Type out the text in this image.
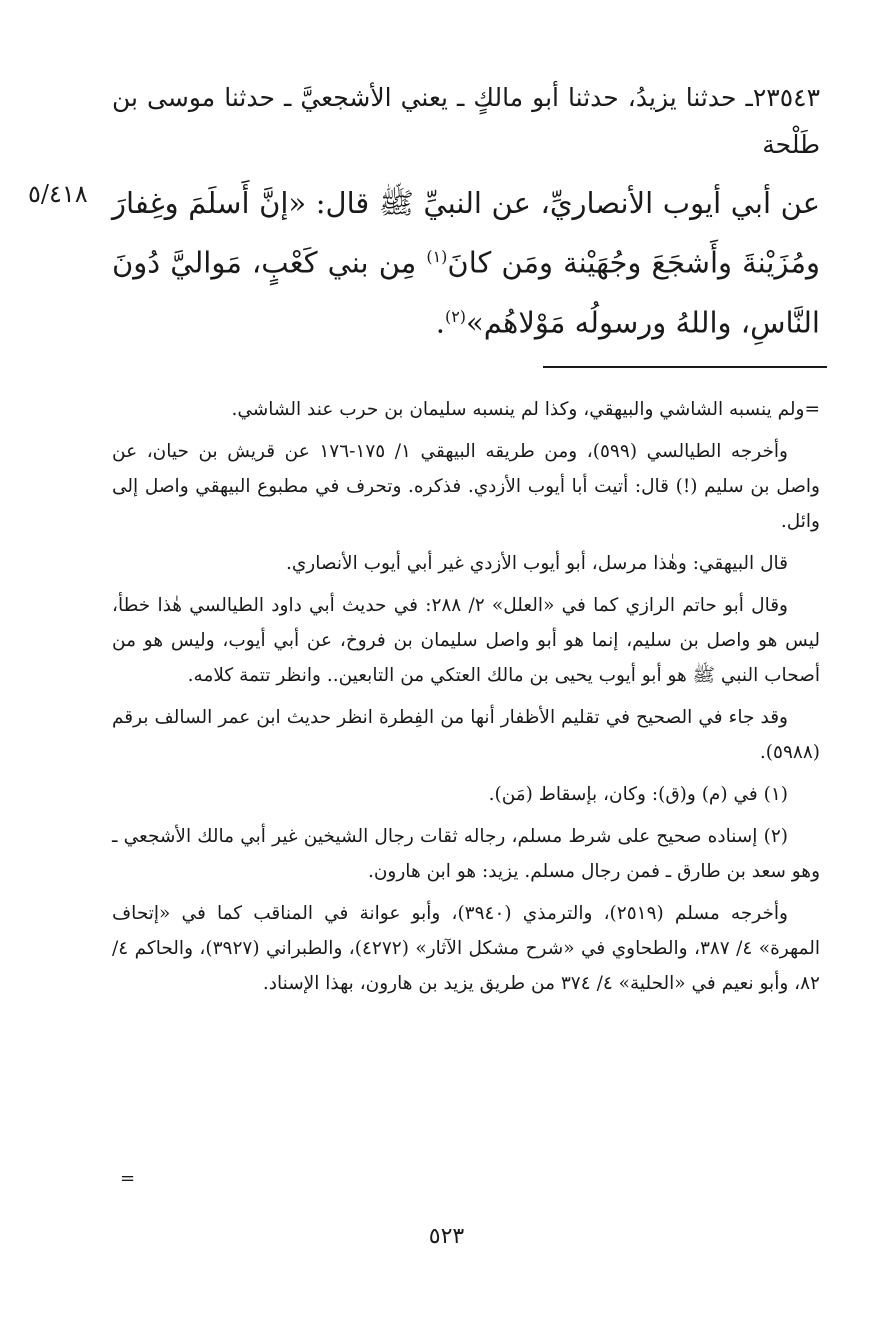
٢٣٥٤٣ـ حدثنا يزيدُ، حدثنا أبو مالكٍ ـ يعني الأشجعيَّ ـ حدثنا موسى بن طَلْحة
٥/٤١٨ عن أبي أيوب الأنصاريِّ، عن النبيِّ ﷺ قال: «إنَّ أَسلَمَ وغِفارَ ومُزَيْنةَ وأَشجَعَ وجُهَيْنة ومَن كانَ$^{(١)}$ مِن بني كَعْبٍ، مَواليَّ دُونَ النَّاسِ، واللهُ ورسولُه مَوْلاهُم»$^{(٢)}$.

=ولم ينسبه الشاشي والبيهقي، وكذا لم ينسبه سليمان بن حرب عند الشاشي.

وأخرجه الطيالسي (٥٩٩)، ومن طريقه البيهقي ١/ ١٧٥-١٧٦ عن قريش بن حيان، عن واصل بن سليم (!) قال: أتيت أبا أيوب الأزدي. فذكره. وتحرف في مطبوع البيهقي واصل إلى وائل.

قال البيهقي: وهٰذا مرسل، أبو أيوب الأزدي غير أبي أيوب الأنصاري.

وقال أبو حاتم الرازي كما في «العلل» ٢/ ٢٨٨: في حديث أبي داود الطيالسي هٰذا خطأ، ليس هو واصل بن سليم، إنما هو أبو واصل سليمان بن فروخ، عن أبي أيوب، وليس هو من أصحاب النبي ﷺ هو أبو أيوب يحيى بن مالك العتكي من التابعين.. وانظر تتمة كلامه.

وقد جاء في الصحيح في تقليم الأظفار أنها من الفِطرة انظر حديث ابن عمر السالف برقم (٥٩٨٨).

(١) في (م) و(ق): وكان، بإسقاط (مَن).

(٢) إسناده صحيح على شرط مسلم، رجاله ثقات رجال الشيخين غير أبي مالك الأشجعي ـ وهو سعد بن طارق ـ فمن رجال مسلم. يزيد: هو ابن هارون.

وأخرجه مسلم (٢٥١٩)، والترمذي (٣٩٤٠)، وأبو عوانة في المناقب كما في «إتحاف المهرة» ٤/ ٣٨٧، والطحاوي في «شرح مشكل الآثار» (٤٢٧٢)، والطبراني (٣٩٢٧)، والحاكم ٤/ ٨٢، وأبو نعيم في «الحلية» ٤/ ٣٧٤ من طريق يزيد بن هارون، بهذا الإسناد.

=
٥٢٣
